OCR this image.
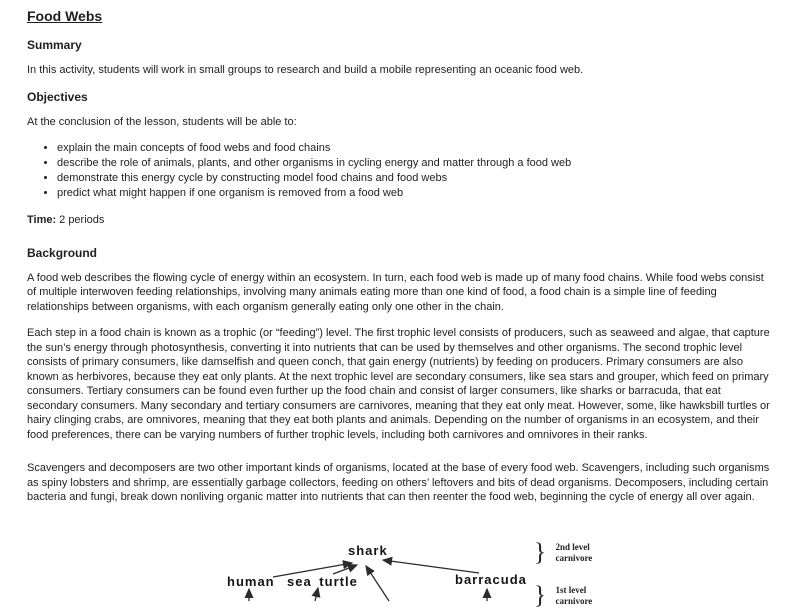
Food Webs
Summary

In this activity, students will work in small groups to research and build a mobile representing an oceanic food web.

Objectives

At the conclusion of the lesson, students will be able to:

• explain the main concepts of food webs and food chains
• describe the role of animals, plants, and other organisms in cycling energy and matter through a food web
• demonstrate this energy cycle by constructing model food chains and food webs
• predict what might happen if one organism is removed from a food web

Time: 2 periods

Background

A food web describes the flowing cycle of energy within an ecosystem. In turn, each food web is made up of many food chains. While food webs consist of multiple interwoven feeding relationships, involving many animals eating more than one kind of food, a food chain is a simple line of feeding relationships between organisms, with each organism generally eating only one other in the chain.

Each step in a food chain is known as a trophic (or “feeding”) level. The first trophic level consists of producers, such as seaweed and algae, that capture the sun’s energy through photosynthesis, converting it into nutrients that can be used by themselves and other organisms. The second trophic level consists of primary consumers, like damselfish and queen conch, that gain energy (nutrients) by feeding on producers. Primary consumers are also known as herbivores, because they eat only plants. At the next trophic level are secondary consumers, like sea stars and grouper, which feed on primary consumers. Tertiary consumers can be found even further up the food chain and consist of larger consumers, like sharks or barracuda, that eat secondary consumers. Many secondary and tertiary consumers are carnivores, meaning that they eat only meat. However, some, like hawksbill turtles or hairy clinging crabs, are omnivores, meaning that they eat both plants and animals. Depending on the number of organisms in an ecosystem, and their food preferences, there can be varying numbers of further trophic levels, including both carnivores and omnivores in their ranks.

Scavengers and decomposers are two other important kinds of organisms, located at the base of every food web. Scavengers, including such organisms as spiny lobsters and shrimp, are essentially garbage collectors, feeding on others’ leftovers and bits of dead organisms. Decomposers, including certain bacteria and fungi, break down nonliving organic matter into nutrients that can then reenter the food web, beginning the cycle of energy all over again.

shark
human sea turtle	barracuda
} 2nd level
carnivore
} 1st level
carnivore
